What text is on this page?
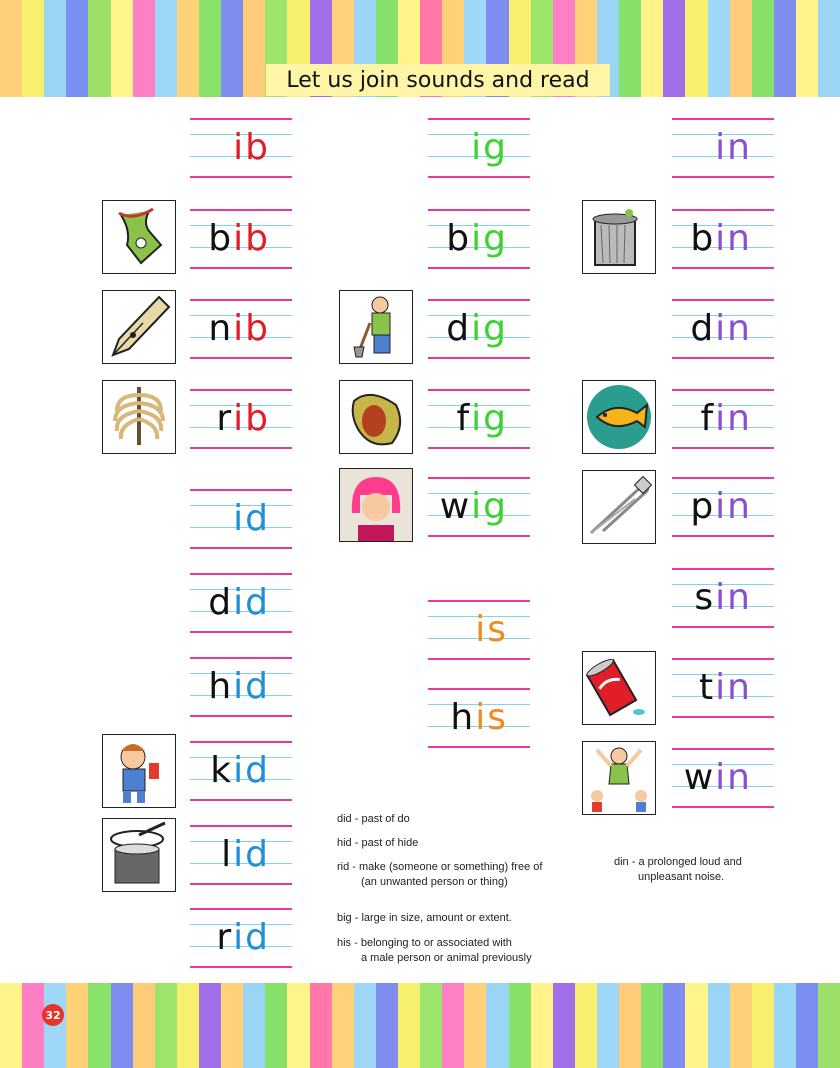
Let us join sounds and read
32
ib
bib
nib
rib
id
did
hid
kid
lid
rid
ig
big
dig
fig
wig
is
his
in
bin
din
fin
pin
sin
tin
win
did - past of do
hid - past of hide
rid - make (someone or something) free of
(an unwanted person or thing)
big - large in size, amount or extent.
his - belonging to or associated with
a male person or animal previously
din - a prolonged loud and
unpleasant noise.
